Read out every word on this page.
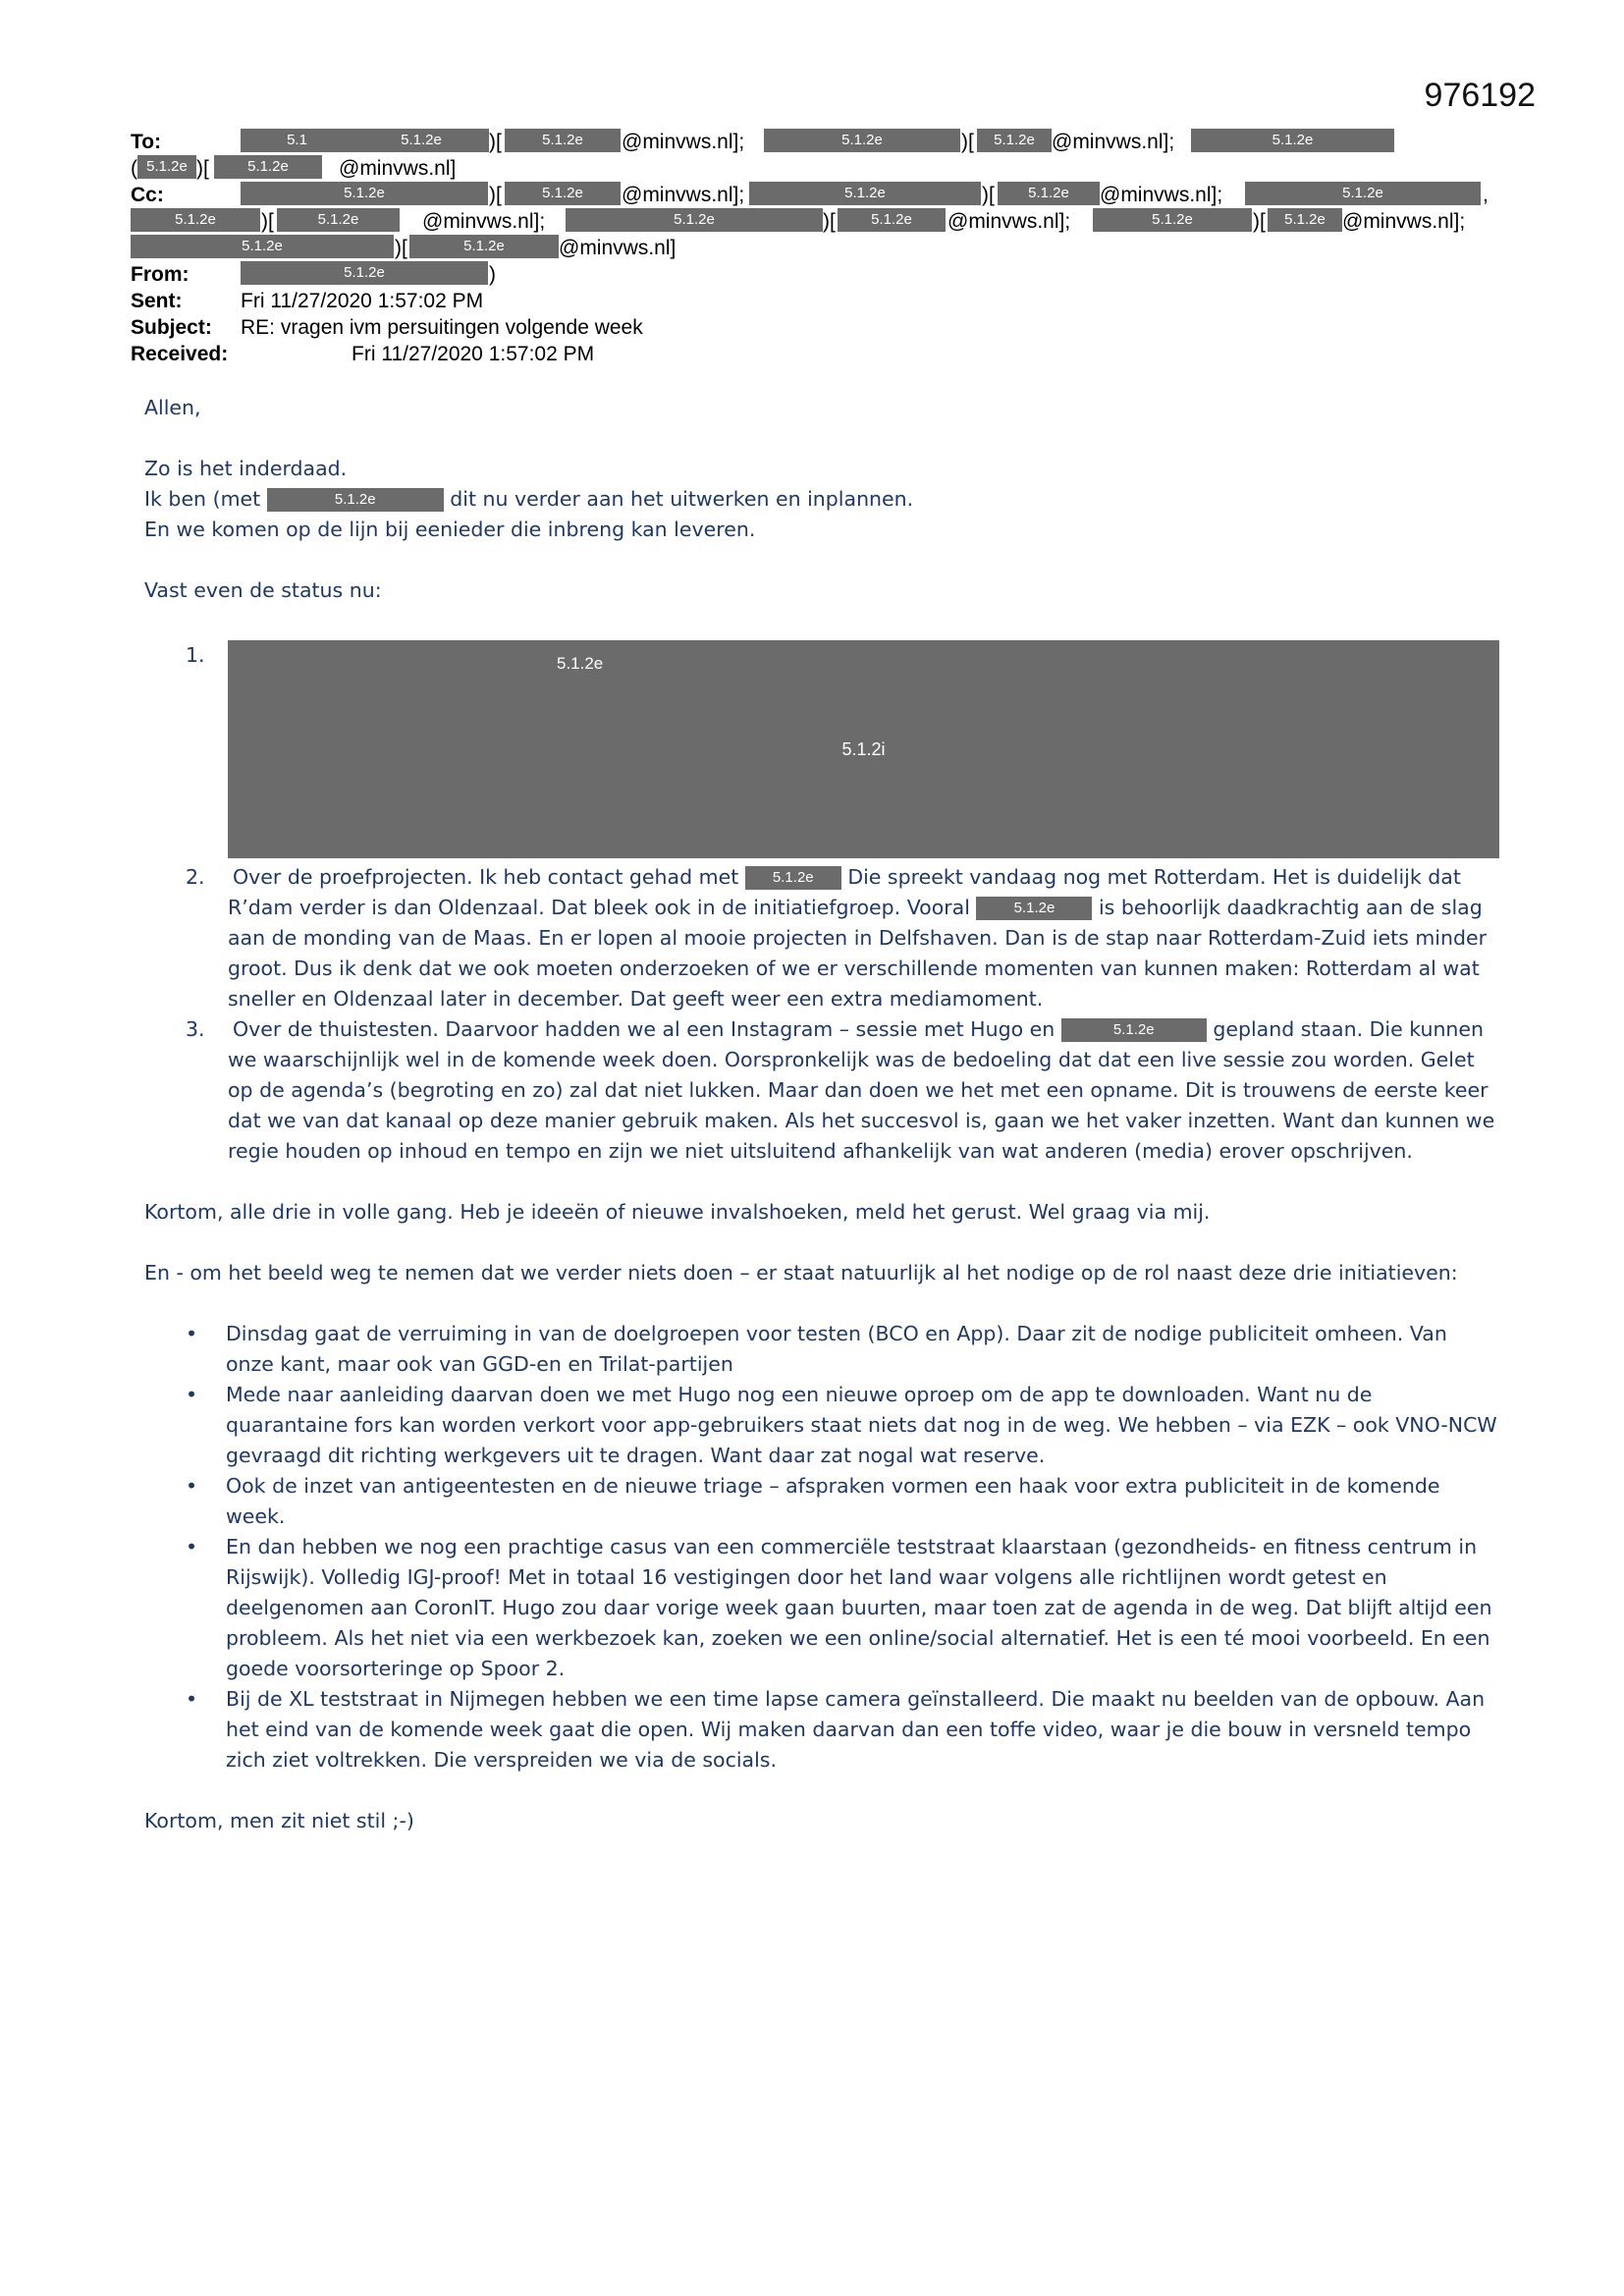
976192
To:	5.1	5.1.2e	)[	5.1.2e	@minvws.nl];	5.1.2e	)[	5.1.2e @minvws.nl];	5.1.2e
( 5.1.2e )[	5.1.2e	@minvws.nl]
Cc:	5.1.2e	)[	5.1.2e	@minvws.nl];	5.1.2e	)[	5.1.2e	@minvws.nl];	5.1.2e	,
5.1.2e	)[	5.1.2e	@minvws.nl];	5.1.2e	)[	5.1.2e	@minvws.nl];	5.1.2e	)[	5.1.2e @minvws.nl];
5.1.2e	)[	5.1.2e	@minvws.nl]
From:	5.1.2e	)
Sent:	Fri 11/27/2020 1:57:02 PM
Subject: RE: vragen ivm persuitingen volgende week
Received:	Fri 11/27/2020 1:57:02 PM

Allen,

Zo is het inderdaad.

Ik ben (met	5.1.2e	dit nu verder aan het uitwerken en inplannen.

En we komen op de lijn bij eenieder die inbreng kan leveren.

Vast even de status nu:

1.	5.1.2e
5.1.2i
2. Over de proefprojecten. Ik heb contact gehad met 5.1.2e Die spreekt vandaag nog met Rotterdam. Het is duidelijk dat R’dam verder is dan Oldenzaal. Dat bleek ook in de initiatiefgroep. Vooral	5.1.2e is behoorlijk daadkrachtig aan de slag aan de monding van de Maas. En er lopen al mooie projecten in Delfshaven. Dan is de stap naar Rotterdam-Zuid iets minder groot. Dus ik denk dat we ook moeten onderzoeken of we er verschillende momenten van kunnen maken: Rotterdam al wat sneller en Oldenzaal later in december. Dat geeft weer een extra mediamoment.
3. Over de thuistesten. Daarvoor hadden we al een Instagram – sessie met Hugo en	5.1.2e	gepland staan. Die kunnen we waarschijnlijk wel in de komende week doen. Oorspronkelijk was de bedoeling dat dat een live sessie zou worden. Gelet op de agenda’s (begroting en zo) zal dat niet lukken. Maar dan doen we het met een opname. Dit is trouwens de eerste keer dat we van dat kanaal op deze manier gebruik maken. Als het succesvol is, gaan we het vaker inzetten. Want dan kunnen we regie houden op inhoud en tempo en zijn we niet uitsluitend afhankelijk van wat anderen (media) erover opschrijven.

Kortom, alle drie in volle gang. Heb je ideeën of nieuwe invalshoeken, meld het gerust. Wel graag via mij.

En - om het beeld weg te nemen dat we verder niets doen – er staat natuurlijk al het nodige op de rol naast deze drie initiatieven:

• Dinsdag gaat de verruiming in van de doelgroepen voor testen (BCO en App). Daar zit de nodige publiciteit omheen. Van onze kant, maar ook van GGD-en en Trilat-partijen
• Mede naar aanleiding daarvan doen we met Hugo nog een nieuwe oproep om de app te downloaden. Want nu de quarantaine fors kan worden verkort voor app-gebruikers staat niets dat nog in de weg. We hebben – via EZK – ook VNO-NCW gevraagd dit richting werkgevers uit te dragen. Want daar zat nogal wat reserve.
• Ook de inzet van antigeentesten en de nieuwe triage – afspraken vormen een haak voor extra publiciteit in de komende week.
• En dan hebben we nog een prachtige casus van een commerciële teststraat klaarstaan (gezondheids- en fitness centrum in Rijswijk). Volledig IGJ-proof! Met in totaal 16 vestigingen door het land waar volgens alle richtlijnen wordt getest en deelgenomen aan CoronIT. Hugo zou daar vorige week gaan buurten, maar toen zat de agenda in de weg. Dat blijft altijd een probleem. Als het niet via een werkbezoek kan, zoeken we een online/social alternatief. Het is een té mooi voorbeeld. En een goede voorsorteringe op Spoor 2.
• Bij de XL teststraat in Nijmegen hebben we een time lapse camera geïnstalleerd. Die maakt nu beelden van de opbouw. Aan het eind van de komende week gaat die open. Wij maken daarvan dan een toffe video, waar je die bouw in versneld tempo zich ziet voltrekken. Die verspreiden we via de socials.

Kortom, men zit niet stil ;-)
